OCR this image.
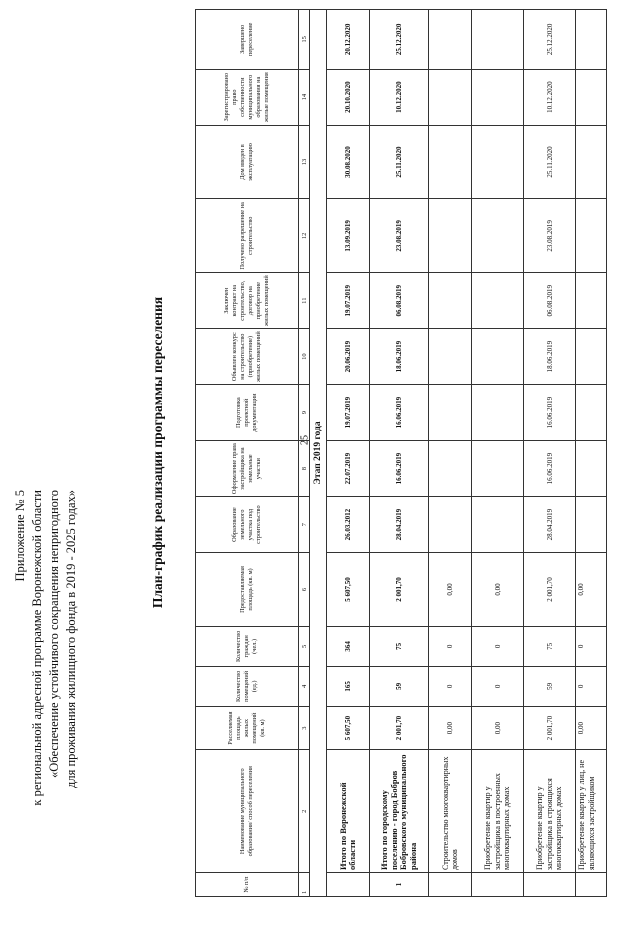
25
Приложение № 5 к региональной адресной программе Воронежской области «Обеспечение устойчивого сокращения непригодного для проживания жилищного фонда в 2019 - 2025 годах»
План-график реализации программы переселения
№ п/п	Наименование муниципального образования/ способ переселения	Расселяемая площадь жилых помещений (кв. м)	Количество помещений (ед.)	Количество граждан (чел.)	Предоставляемая площадь (кв. м)	Образование земельного участка под строительство	Оформление права застройщика на земельные участки	Подготовка проектной документации	Объявлен конкурс на строительство (приобретение) жилых помещений	Заключен контракт на строительство, договор на приобретение жилых помещений	Получено разрешение на строительство	Дом введен в эксплуатацию	Зарегистрировано право собственности муниципального образования на жилые помещения	Завершено переселение
1	2	3	4	5	6	7	8	9	10	11	12	13	14	15
Этап 2019 года														
	Итого по Воронежской области	5 607,50	165	364	5 607,50	26.03.2012	22.07.2019	19.07.2019	20.06.2019	19.07.2019	13.09.2019	30.08.2020	20.10.2020	20.12.2020
1	Итого по городскому поселению - город Бобров Бобровского муниципального района	2 001,70	59	75	2 001,70	28.04.2019	16.06.2019	16.06.2019	18.06.2019	06.08.2019	23.08.2019	25.11.2020	10.12.2020	25.12.2020
	Строительство многоквартирных домов	0,00	0	0	0,00									
	Приобретение квартир у застройщика в построенных многоквартирных домах	0,00	0	0	0,00									
	Приобретение квартир у застройщика в строящихся многоквартирных домах	2 001,70	59	75	2 001,70	28.04.2019	16.06.2019	16.06.2019	18.06.2019	06.08.2019	23.08.2019	25.11.2020	10.12.2020	25.12.2020
	Приобретение квартир у лиц, не являющихся застройщиком	0,00	0	0	0,00									
